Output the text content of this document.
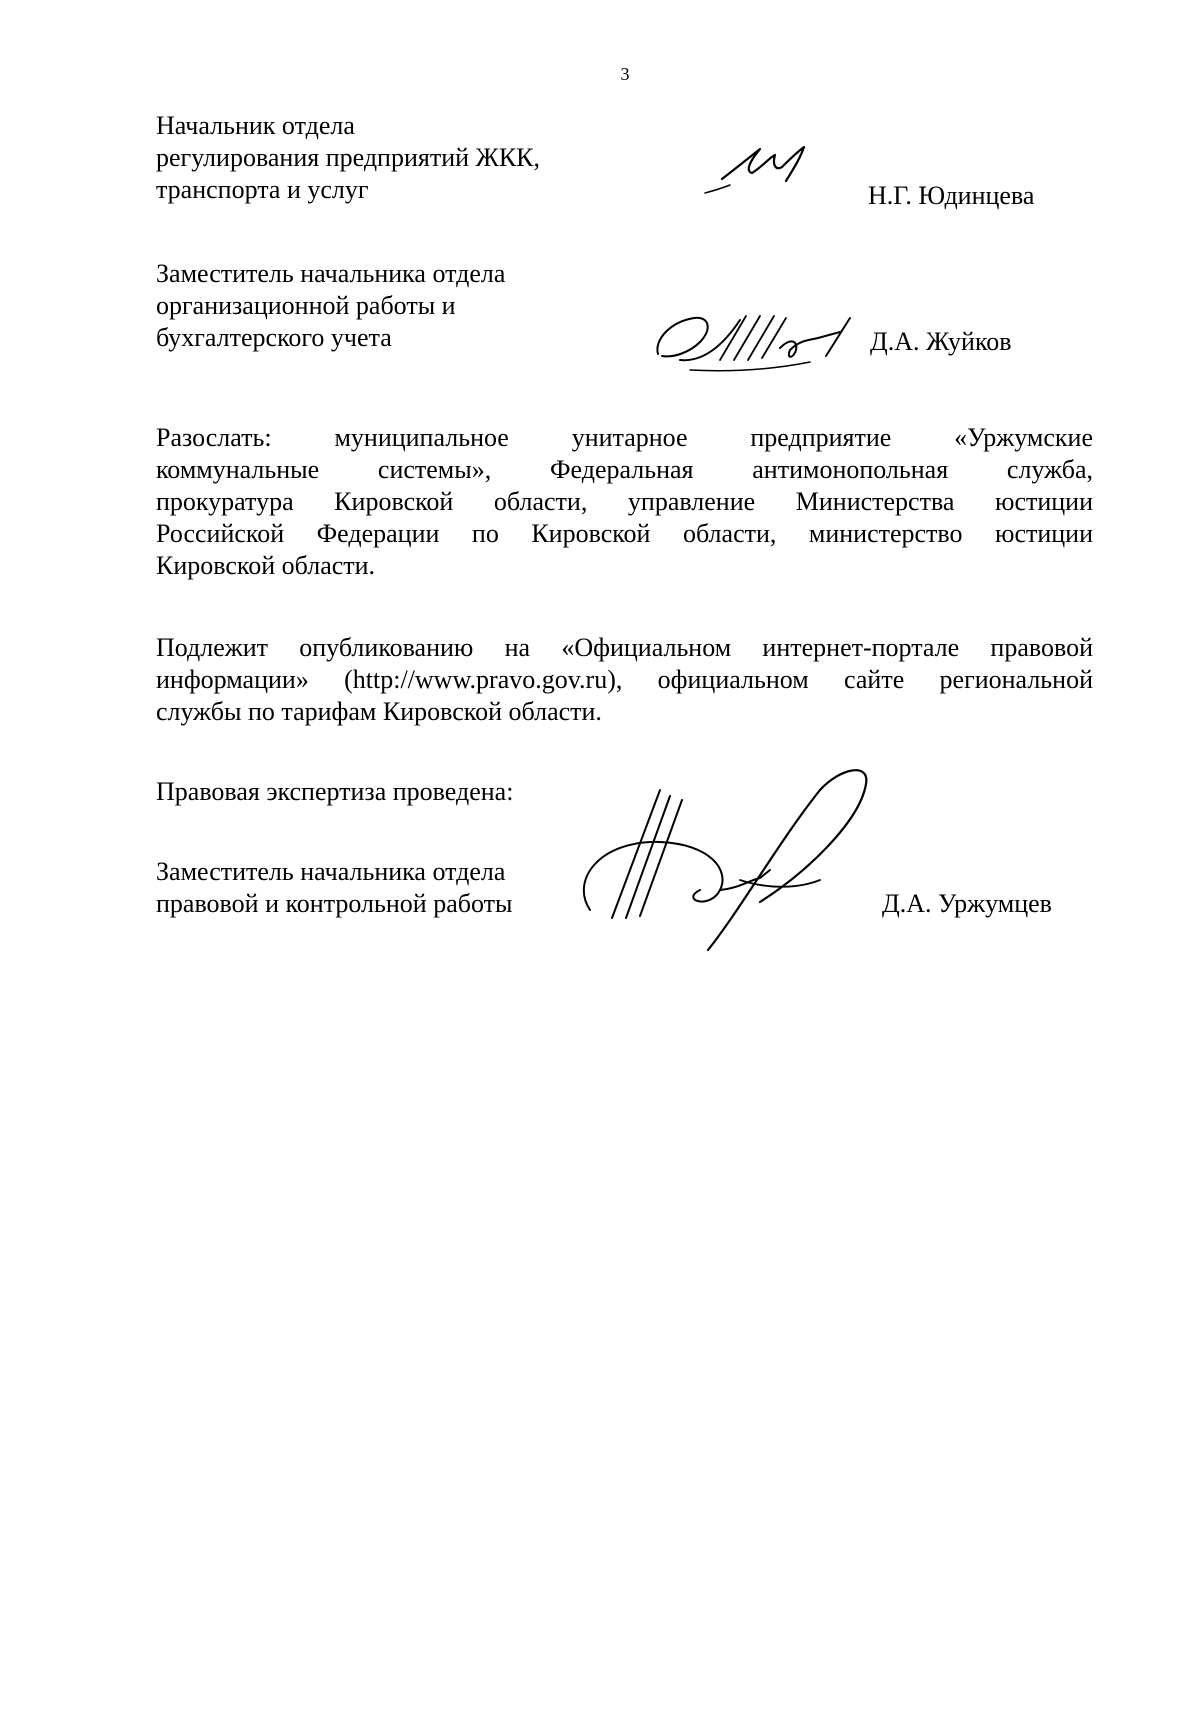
3
Начальник отдела
регулирования предприятий ЖКК,
транспорта и услуг	Н.Г. Юдинцева
Заместитель начальника отдела
организационной работы и
бухгалтерского учета	Д.А. Жуйков
Разослать: муниципальное унитарное предприятие «Уржумские
коммунальные системы», Федеральная антимонопольная служба,
прокуратура Кировской области, управление Министерства юстиции
Российской Федерации по Кировской области, министерство юстиции
Кировской области.
Подлежит опубликованию на «Официальном интернет-портале правовой
информации» (http://www.pravo.gov.ru), официальном сайте региональной
службы по тарифам Кировской области.
Правовая экспертиза проведена:
Заместитель начальника отдела
правовой и контрольной работы	Д.А. Уржумцев
